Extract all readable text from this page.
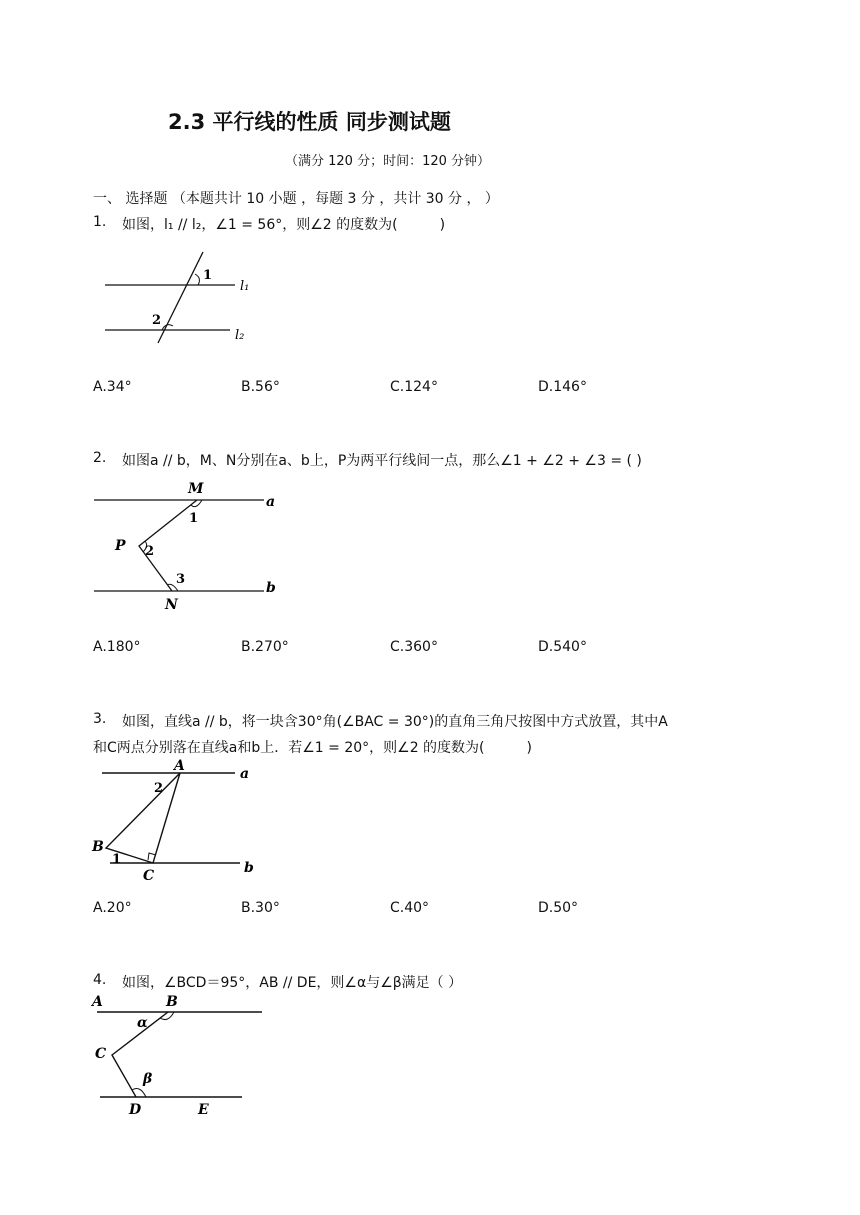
2.3 平行线的性质 同步测试题
（满分 120 分；时间：120 分钟）
一、 选择题 （本题共计 10 小题 ，每题 3 分 ，共计 30 分 ， ）
1. 如图，l₁ // l₂，∠1 = 56°，则∠2 的度数为(　　　)
1
2
l₁
l₂
A.34°	B.56°	C.124°	D.146°
2. 如图a // b，M、N分别在a、b上，P为两平行线间一点，那么∠1 + ∠2 + ∠3 = ( )
M
1
a
P 2
3
b
N
A.180°	B.270°	C.360°	D.540°
3. 如图，直线a // b，将一块含30°角(∠BAC = 30°)的直角三角尺按图中方式放置，其中A
和C两点分别落在直线a和b上．若∠1 = 20°，则∠2 的度数为(　　　)
A	a
2
B
1
C	b
A.20°	B.30°	C.40°	D.50°
4. 如图，∠BCD＝95°，AB // DE，则∠α与∠β满足（ ）
A	B
α
C
β
D	E
